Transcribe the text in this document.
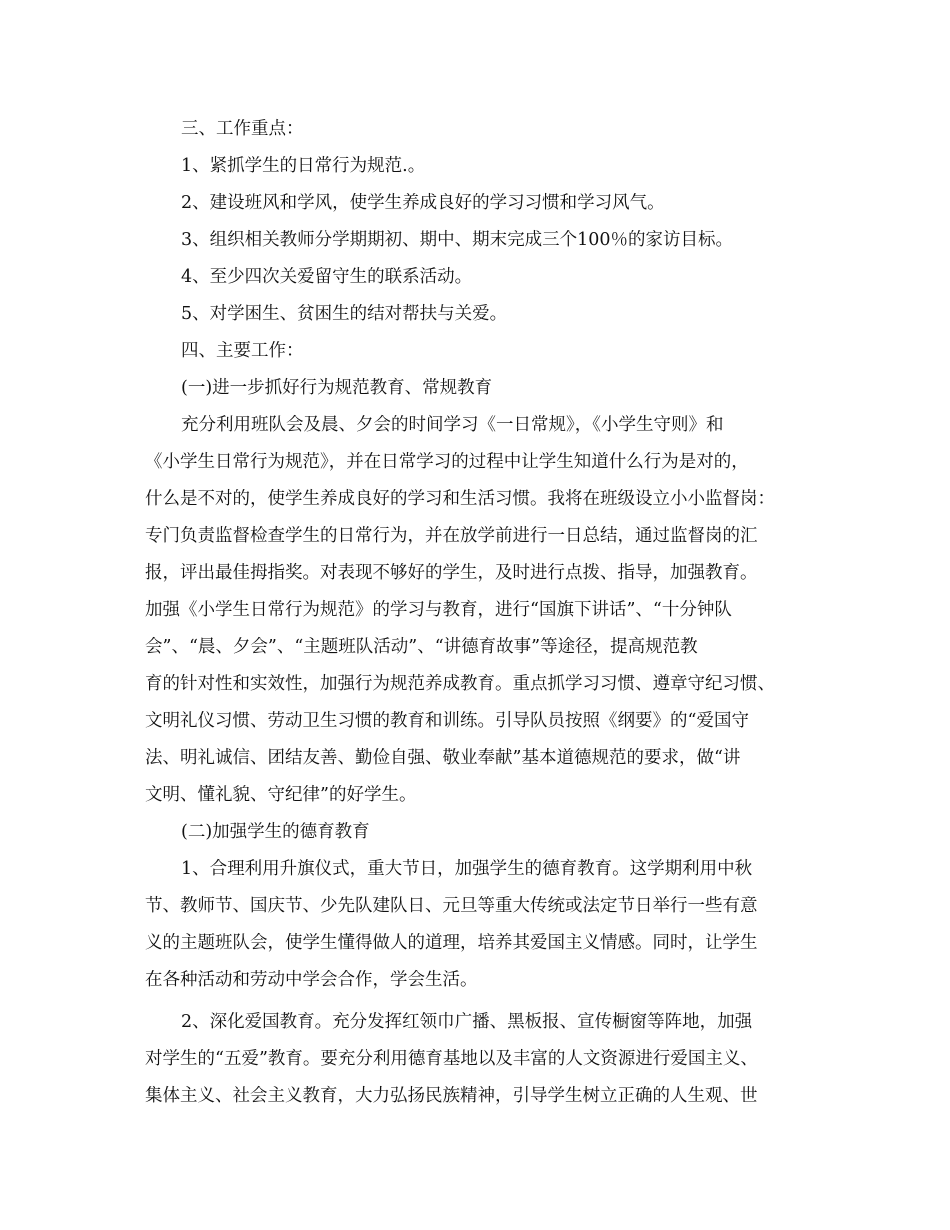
三、工作重点：
1、紧抓学生的日常行为规范.。
2、建设班风和学风，使学生养成良好的学习习惯和学习风气。
3、组织相关教师分学期期初、期中、期末完成三个100％的家访目标。
4、至少四次关爱留守生的联系活动。
5、对学困生、贫困生的结对帮扶与关爱。
四、主要工作：
(一)进一步抓好行为规范教育、常规教育
充分利用班队会及晨、夕会的时间学习《一日常规》，《小学生守则》和
《小学生日常行为规范》，并在日常学习的过程中让学生知道什么行为是对的，
什么是不对的，使学生养成良好的学习和生活习惯。我将在班级设立小小监督岗：
专门负责监督检查学生的日常行为，并在放学前进行一日总结，通过监督岗的汇
报，评出最佳拇指奖。对表现不够好的学生，及时进行点拨、指导，加强教育。
加强《小学生日常行为规范》的学习与教育，进行“国旗下讲话”、“十分钟队
会”、“晨、夕会”、“主题班队活动”、“讲德育故事”等途径，提高规范教
育的针对性和实效性，加强行为规范养成教育。重点抓学习习惯、遵章守纪习惯、
文明礼仪习惯、劳动卫生习惯的教育和训练。引导队员按照《纲要》的“爱国守
法、明礼诚信、团结友善、勤俭自强、敬业奉献”基本道德规范的要求，做“讲
文明、懂礼貌、守纪律”的好学生。
(二)加强学生的德育教育
1、合理利用升旗仪式，重大节日，加强学生的德育教育。这学期利用中秋
节、教师节、国庆节、少先队建队日、元旦等重大传统或法定节日举行一些有意
义的主题班队会，使学生懂得做人的道理，培养其爱国主义情感。同时，让学生
在各种活动和劳动中学会合作，学会生活。
2、深化爱国教育。充分发挥红领巾广播、黑板报、宣传橱窗等阵地，加强
对学生的“五爱”教育。要充分利用德育基地以及丰富的人文资源进行爱国主义、
集体主义、社会主义教育，大力弘扬民族精神，引导学生树立正确的人生观、世
